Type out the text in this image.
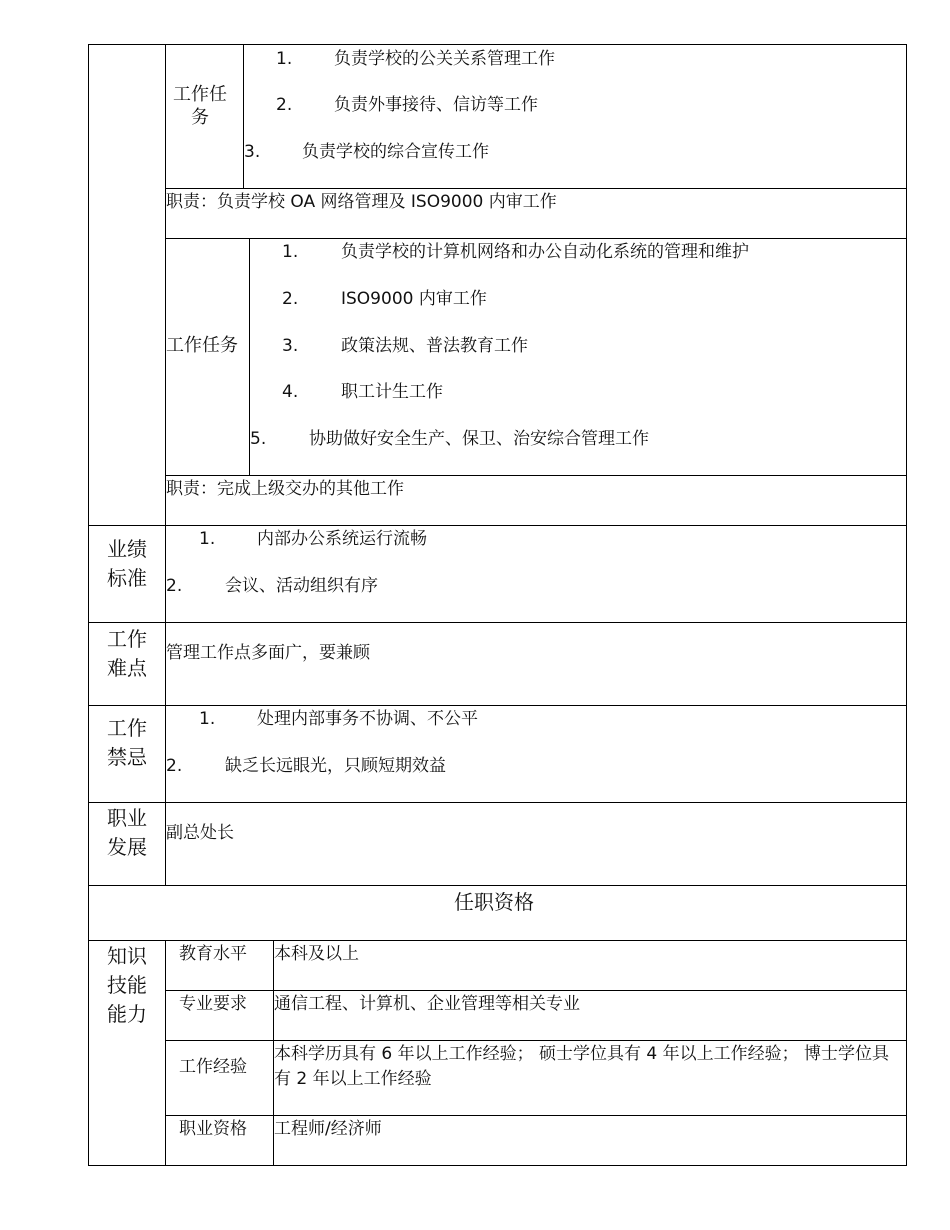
工作任务
1. 负责学校的公关关系管理工作
2. 负责外事接待、信访等工作
3. 负责学校的综合宣传工作
职责：负责学校 OA 网络管理及 ISO9000 内审工作
工作任务
1.	负责学校的计算机网络和办公自动化系统的管理和维护
2.	ISO9000 内审工作
3.	政策法规、普法教育工作
4.	职工计生工作
5.	协助做好安全生产、保卫、治安综合管理工作
职责：完成上级交办的其他工作
业绩
标准
1. 内部办公系统运行流畅
2.	会议、活动组织有序
工作
难点
管理工作点多面广，要兼顾
工作
禁忌
1. 处理内部事务不协调、不公平
2.	缺乏长远眼光，只顾短期效益
职业
发展
副总处长
任职资格
知识
技能
能力
教育水平 本科及以上
专业要求 通信工程、计算机、企业管理等相关专业
工作经验
本科学历具有 6 年以上工作经验； 硕士学位具有 4 年以上工作经验； 博士学位具有 2 年以上工作经验
职业资格 工程师/经济师
